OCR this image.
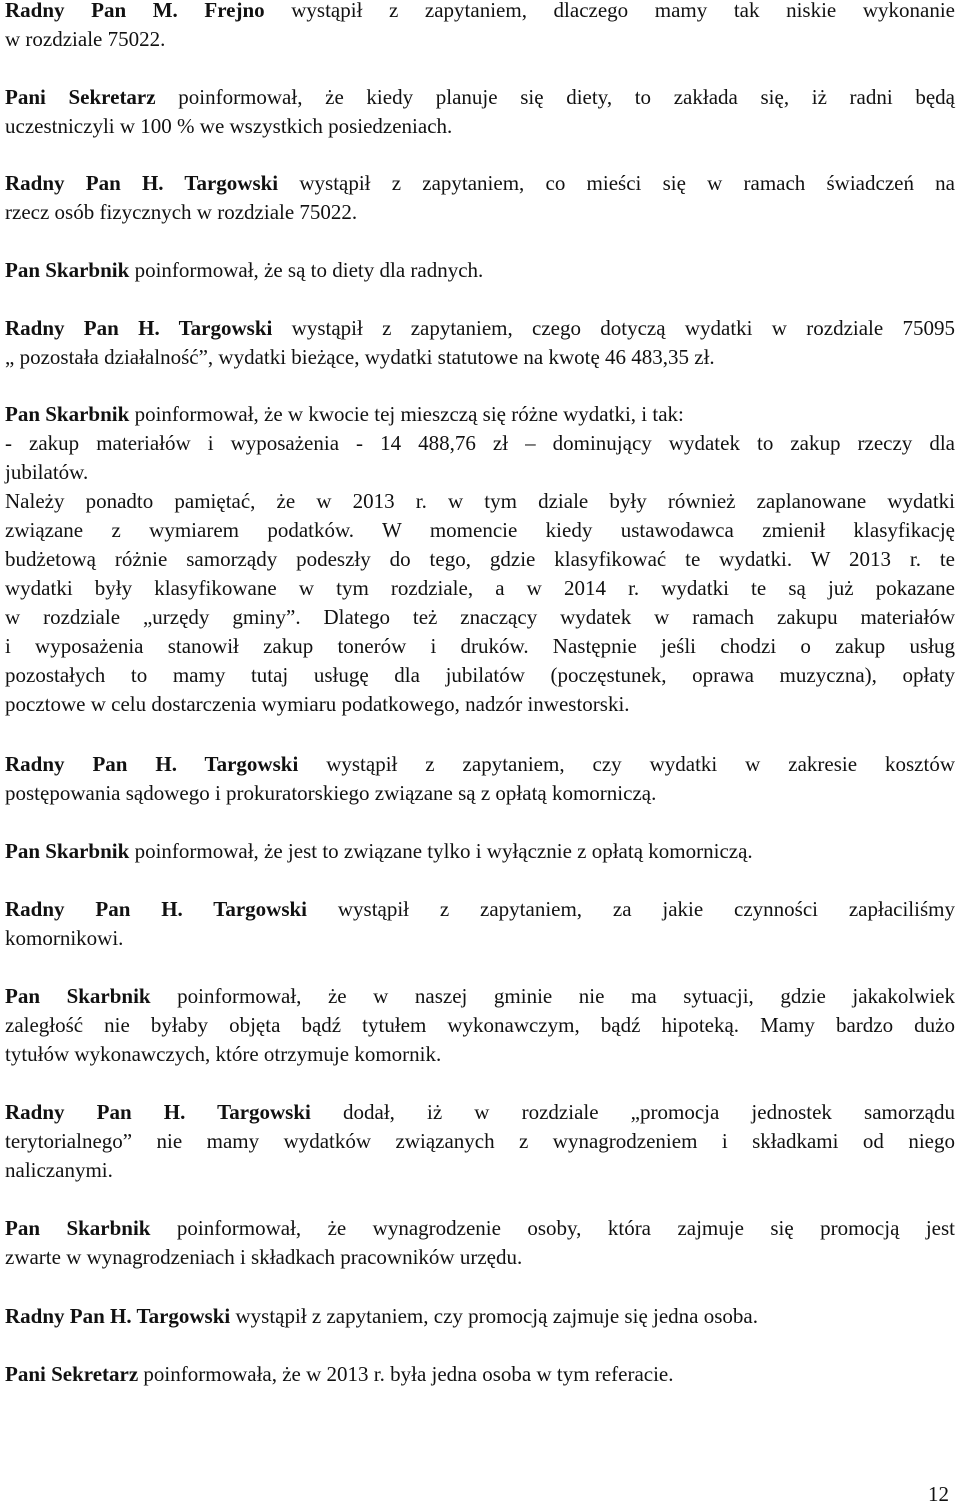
Radny Pan M. Frejno wystąpił z zapytaniem, dlaczego mamy tak niskie wykonanie
w rozdziale 75022.

Pani Sekretarz poinformował, że kiedy planuje się diety, to zakłada się, iż radni będą
uczestniczyli w 100 % we wszystkich posiedzeniach.

Radny Pan H. Targowski wystąpił z zapytaniem, co mieści się w ramach świadczeń na
rzecz osób fizycznych w rozdziale 75022.

Pan Skarbnik poinformował, że są to diety dla radnych.

Radny Pan H. Targowski wystąpił z zapytaniem, czego dotyczą wydatki w rozdziale 75095
„ pozostała działalność”, wydatki bieżące, wydatki statutowe na kwotę 46 483,35 zł.

Pan Skarbnik poinformował, że w kwocie tej mieszczą się różne wydatki, i tak:
- zakup materiałów i wyposażenia - 14 488,76 zł – dominujący wydatek to zakup rzeczy dla
jubilatów.
Należy ponadto pamiętać, że w 2013 r. w tym dziale były również zaplanowane wydatki
związane z wymiarem podatków. W momencie kiedy ustawodawca zmienił klasyfikację
budżetową różnie samorządy podeszły do tego, gdzie klasyfikować te wydatki. W 2013 r. te
wydatki były klasyfikowane w tym rozdziale, a w 2014 r. wydatki te są już pokazane
w rozdziale „urzędy gminy”. Dlatego też znaczący wydatek w ramach zakupu materiałów
i wyposażenia stanowił zakup tonerów i druków. Następnie jeśli chodzi o zakup usług
pozostałych to mamy tutaj usługę dla jubilatów (poczęstunek, oprawa muzyczna), opłaty
pocztowe w celu dostarczenia wymiaru podatkowego, nadzór inwestorski.

Radny Pan H. Targowski wystąpił z zapytaniem, czy wydatki w zakresie kosztów
postępowania sądowego i prokuratorskiego związane są z opłatą komorniczą.

Pan Skarbnik poinformował, że jest to związane tylko i wyłącznie z opłatą komorniczą.

Radny Pan H. Targowski wystąpił z zapytaniem, za jakie czynności zapłaciliśmy
komornikowi.

Pan Skarbnik poinformował, że w naszej gminie nie ma sytuacji, gdzie jakakolwiek
zaległość nie byłaby objęta bądź tytułem wykonawczym, bądź hipoteką. Mamy bardzo dużo
tytułów wykonawczych, które otrzymuje komornik.

Radny Pan H. Targowski dodał, iż w rozdziale „promocja jednostek samorządu
terytorialnego” nie mamy wydatków związanych z wynagrodzeniem i składkami od niego
naliczanymi.

Pan Skarbnik poinformował, że wynagrodzenie osoby, która zajmuje się promocją jest
zwarte w wynagrodzeniach i składkach pracowników urzędu.

Radny Pan H. Targowski wystąpił z zapytaniem, czy promocją zajmuje się jedna osoba.

Pani Sekretarz poinformowała, że w 2013 r. była jedna osoba w tym referacie.

12
